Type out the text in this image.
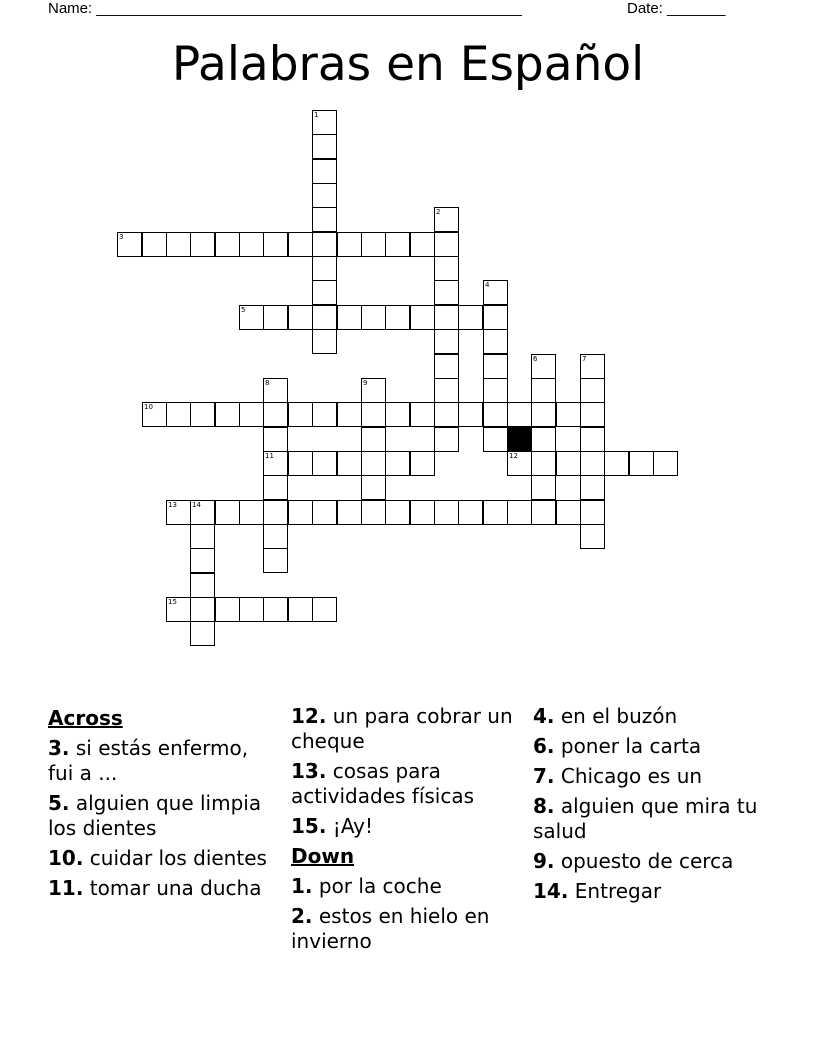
Name: ___________________________________________________	Date: _______
Palabras en Español
1
2
3
4
5
6	7
8
11
9
10
12
13 14
15
Across
3. si estás enfermo, fui a ...
5. alguien que limpia los dientes
10. cuidar los dientes
11. tomar una ducha
12. un para cobrar un cheque
13. cosas para actividades físicas
15. ¡Ay!
Down
1. por la coche
2. estos en hielo en invierno
4. en el buzón
6. poner la carta
7. Chicago es un
8. alguien que mira tu salud
9. opuesto de cerca
14. Entregar
